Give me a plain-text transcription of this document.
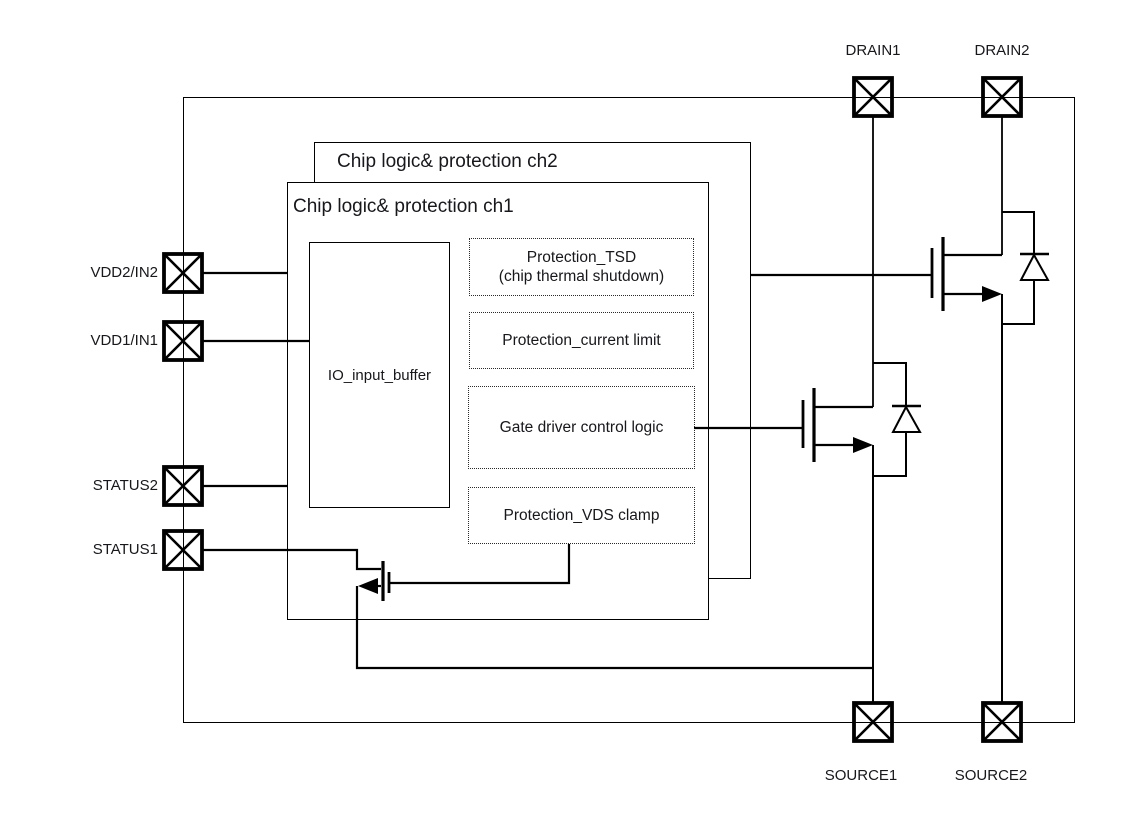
Chip logic& protection ch2
Chip logic& protection ch1
IO_input_buffer
Protection_TSD
(chip thermal shutdown)
Protection_current limit
Gate driver control logic
Protection_VDS clamp
DRAIN1	DRAIN2
SOURCE1	SOURCE2
VDD2/IN2
VDD1/IN1
STATUS2
STATUS1
